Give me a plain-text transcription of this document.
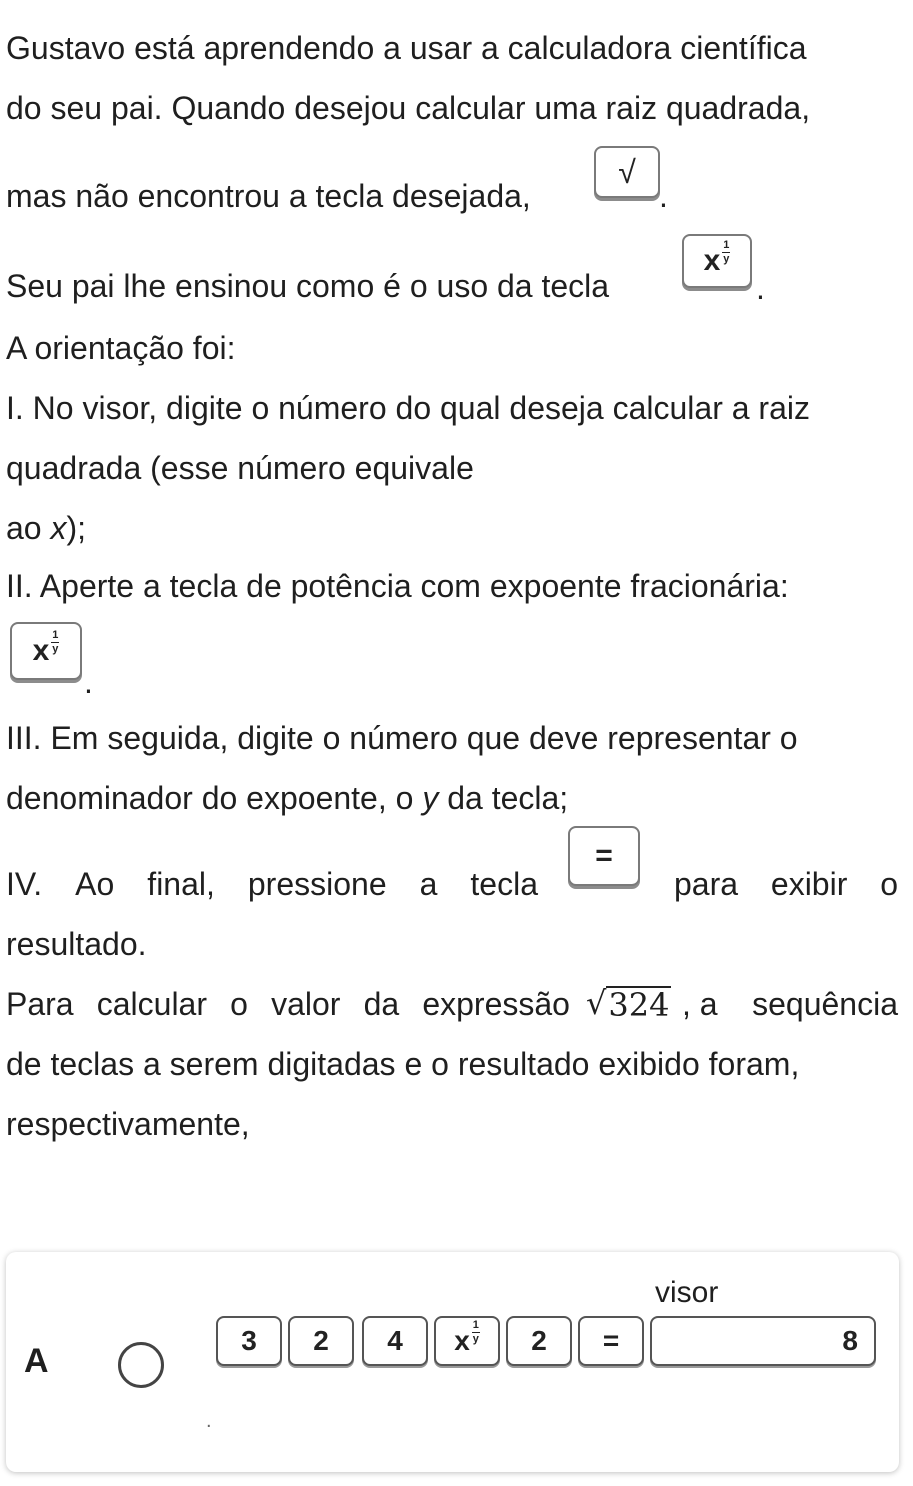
Gustavo está aprendendo a usar a calculadora científica
do seu pai. Quando desejou calcular uma raiz quadrada,
mas não encontrou a tecla desejada,
√
.
Seu pai lhe ensinou como é o uso da tecla
x $\frac{1}{y}$
.
A orientação foi:
I. No visor, digite o número do qual deseja calcular a raiz
quadrada (esse número equivale
ao x);
II. Aperte a tecla de potência com expoente fracionária:
x $\frac{1}{y}$
.
III. Em seguida, digite o número que deve representar o
denominador do expoente, o y da tecla;
IV. Ao final, pressione a tecla
=
para exibir o
resultado.
Para calcular o valor da expressão √ 324 , a sequência
de teclas a serem digitadas e o resultado exibido foram,
respectivamente,
visor
A
3	2	4	x $\frac{1}{y}$	2	=	8
.
